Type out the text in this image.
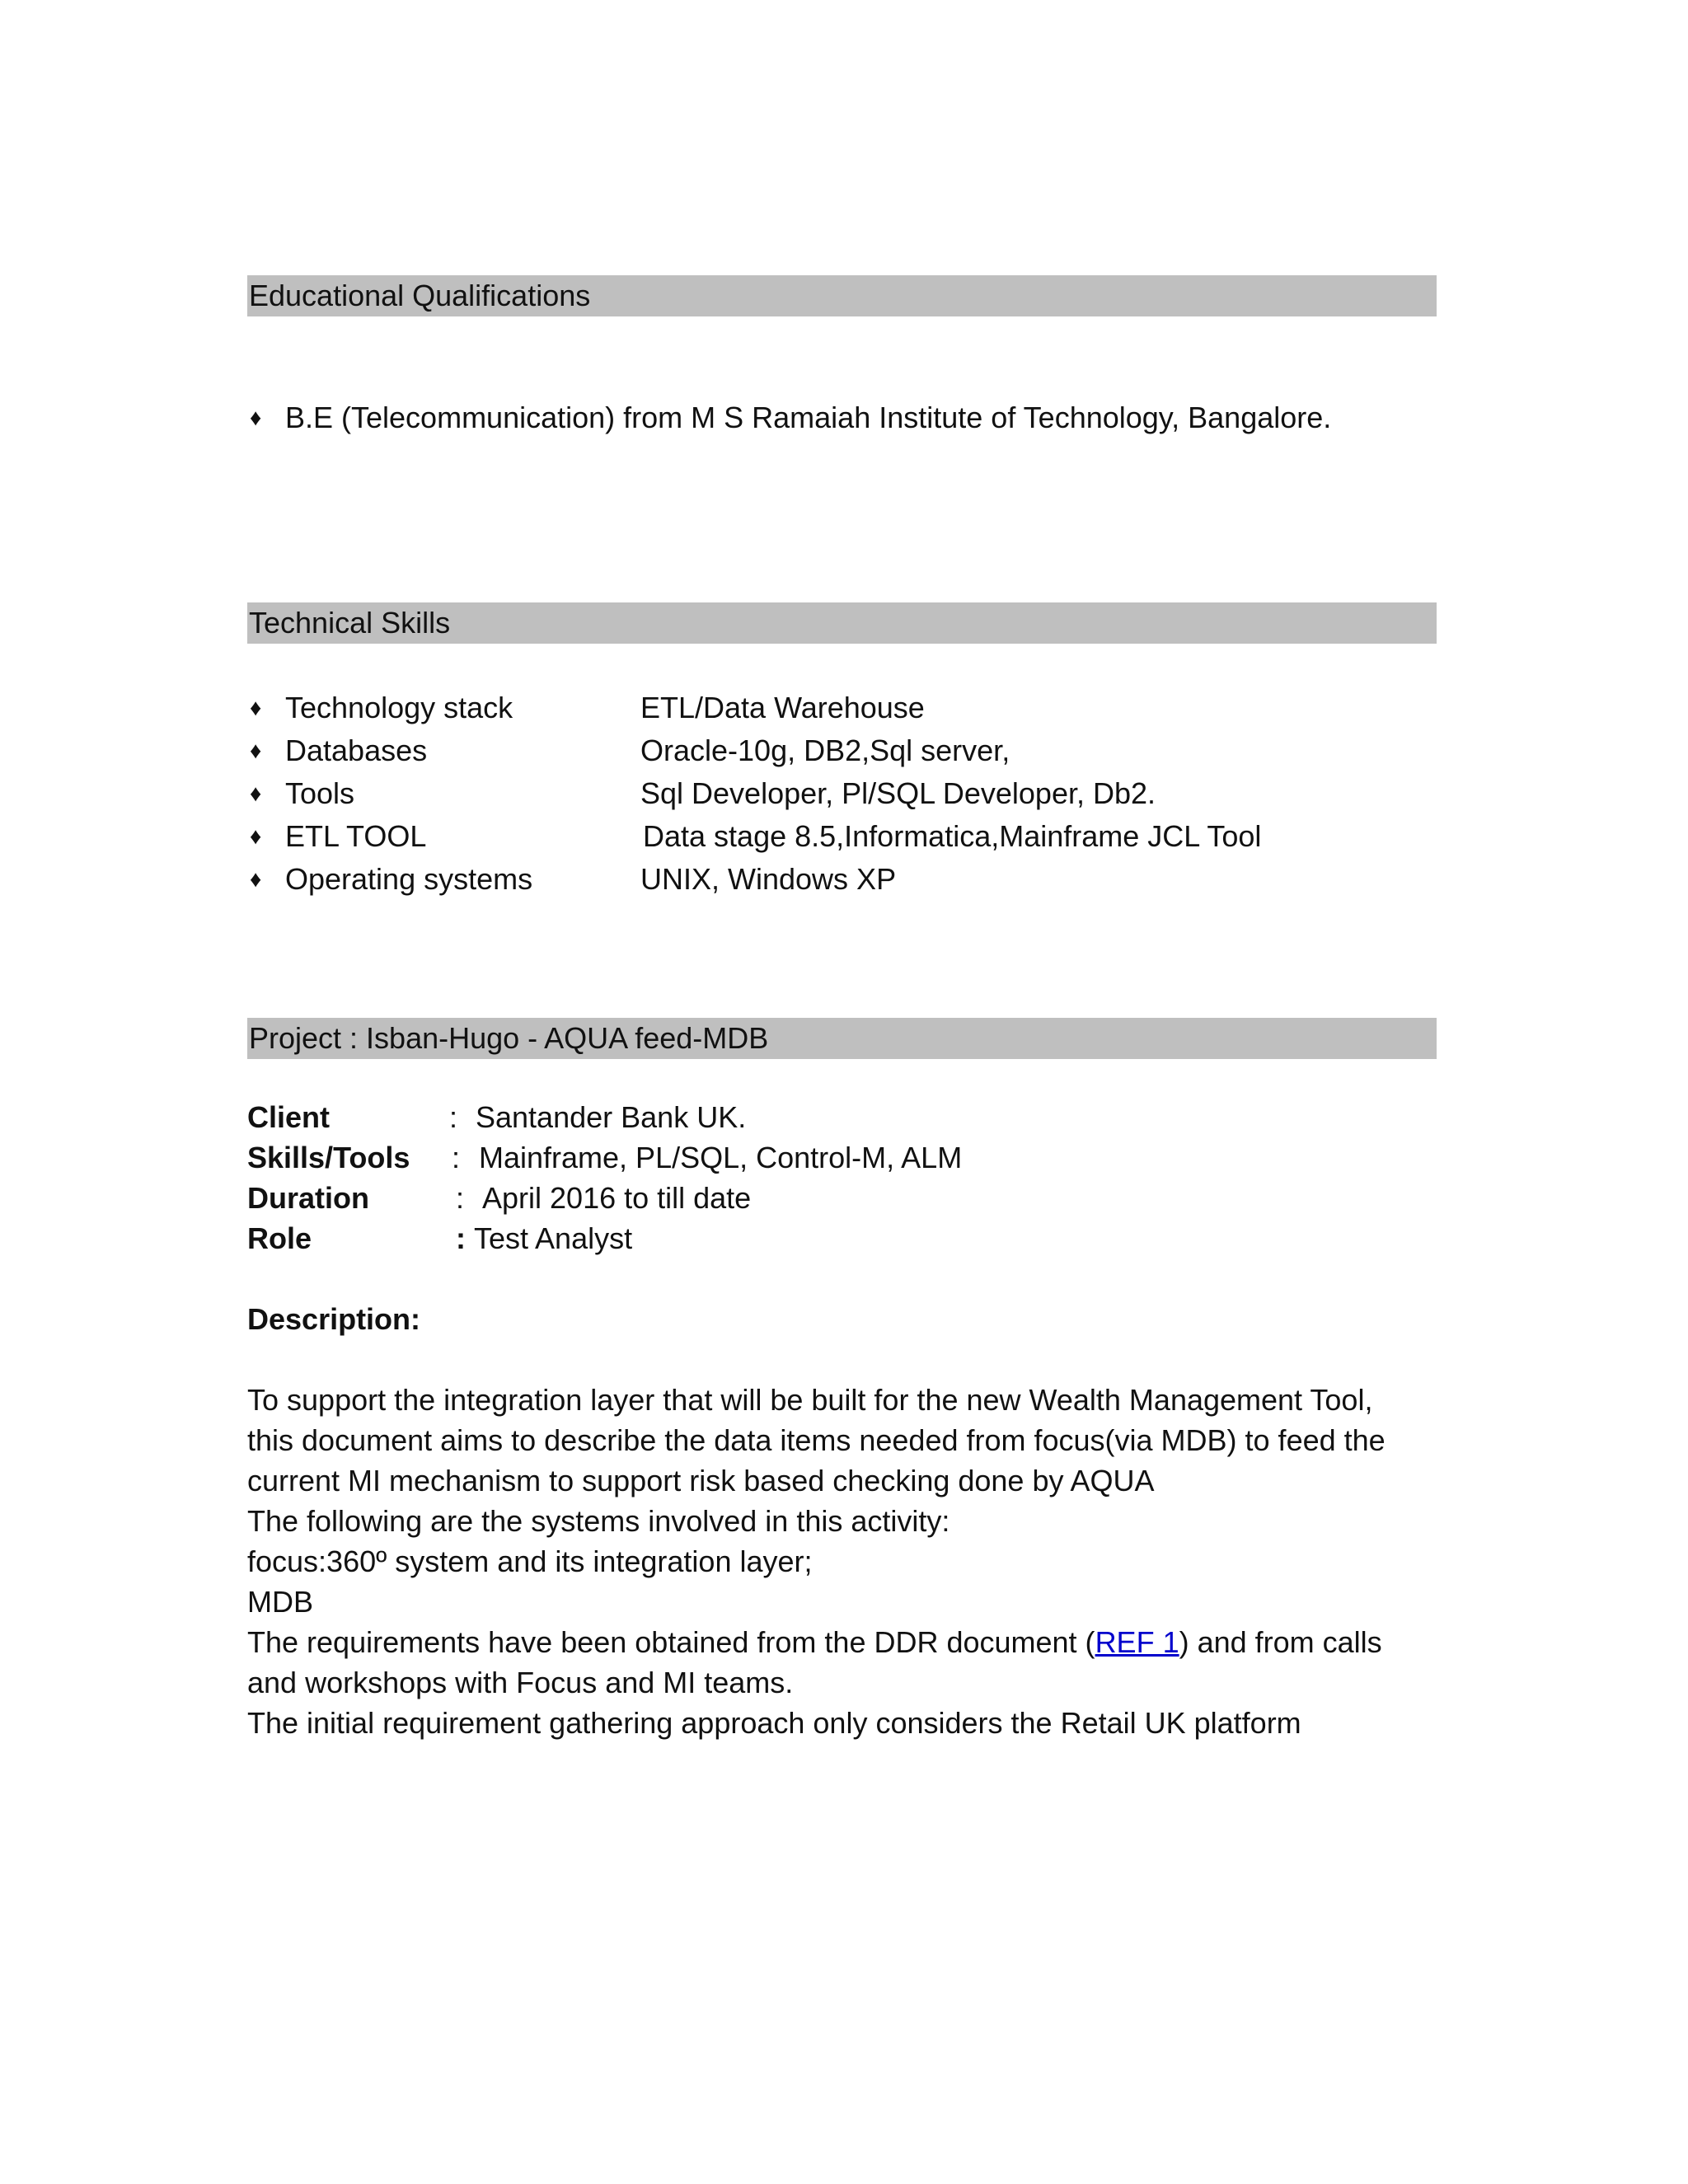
Educational Qualifications
♦ B.E (Telecommunication) from M S Ramaiah Institute of Technology, Bangalore.
Technical Skills
♦ Technology stack	ETL/Data Warehouse
♦ Databases	Oracle-10g, DB2,Sql server,
♦ Tools	Sql Developer, Pl/SQL Developer, Db2.
♦ ETL TOOL	Data stage 8.5,Informatica,Mainframe JCL Tool
♦ Operating systems	UNIX, Windows XP
Project : Isban-Hugo - AQUA feed-MDB
Client	: Santander Bank UK.
Skills/Tools : Mainframe, PL/SQL, Control-M, ALM
Duration	: April 2016 to till date
Role	: Test Analyst
Description:
To support the integration layer that will be built for the new Wealth Management Tool,
this document aims to describe the data items needed from focus(via MDB) to feed the
current MI mechanism to support risk based checking done by AQUA
The following are the systems involved in this activity:
focus:360º system and its integration layer;
MDB
The requirements have been obtained from the DDR document (REF 1) and from calls
and workshops with Focus and MI teams.
The initial requirement gathering approach only considers the Retail UK platform
